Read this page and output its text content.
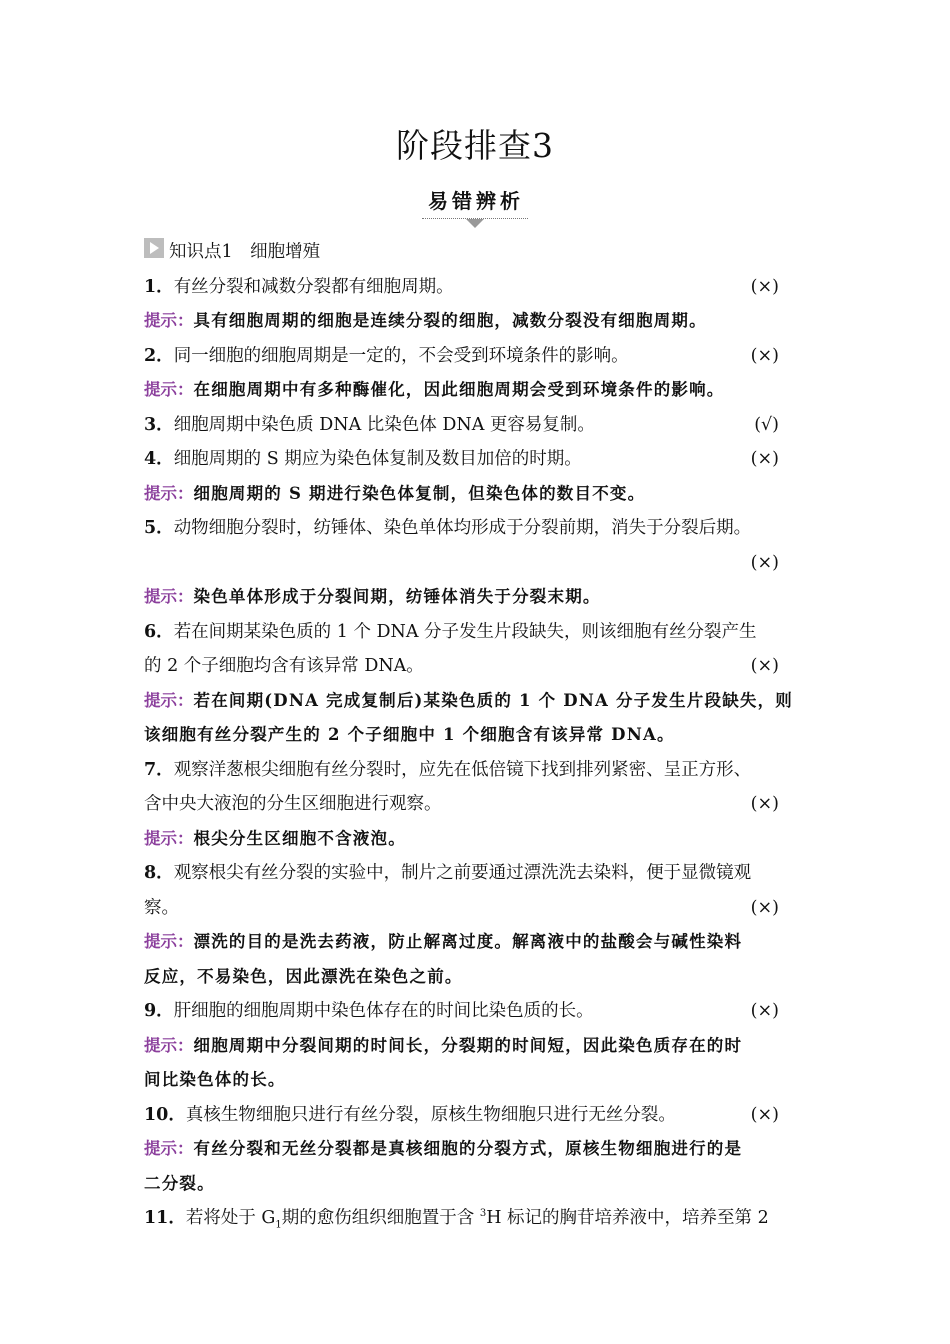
阶段排查3
易错辨析
知识点1　细胞增殖
1．有丝分裂和减数分裂都有细胞周期。	(×)
提示：具有细胞周期的细胞是连续分裂的细胞，减数分裂没有细胞周期。
2．同一细胞的细胞周期是一定的，不会受到环境条件的影响。	(×)
提示：在细胞周期中有多种酶催化，因此细胞周期会受到环境条件的影响。
3．细胞周期中染色质 DNA 比染色体 DNA 更容易复制。	(√)
4．细胞周期的 S 期应为染色体复制及数目加倍的时期。	(×)
提示：细胞周期的 S 期进行染色体复制，但染色体的数目不变。
5．动物细胞分裂时，纺锤体、染色单体均形成于分裂前期，消失于分裂后期。
(×)
提示：染色单体形成于分裂间期，纺锤体消失于分裂末期。
6．若在间期某染色质的 1 个 DNA 分子发生片段缺失，则该细胞有丝分裂产生
的 2 个子细胞均含有该异常 DNA。	(×)
提示：若在间期(DNA 完成复制后)某染色质的 1 个 DNA 分子发生片段缺失，则
该细胞有丝分裂产生的 2 个子细胞中 1 个细胞含有该异常 DNA。
7．观察洋葱根尖细胞有丝分裂时，应先在低倍镜下找到排列紧密、呈正方形、
含中央大液泡的分生区细胞进行观察。	(×)
提示：根尖分生区细胞不含液泡。
8．观察根尖有丝分裂的实验中，制片之前要通过漂洗洗去染料，便于显微镜观
察。	(×)
提示：漂洗的目的是洗去药液，防止解离过度。解离液中的盐酸会与碱性染料
反应，不易染色，因此漂洗在染色之前。
9．肝细胞的细胞周期中染色体存在的时间比染色质的长。	(×)
提示：细胞周期中分裂间期的时间长，分裂期的时间短，因此染色质存在的时
间比染色体的长。
10．真核生物细胞只进行有丝分裂，原核生物细胞只进行无丝分裂。	(×)
提示：有丝分裂和无丝分裂都是真核细胞的分裂方式，原核生物细胞进行的是
二分裂。
11．若将处于 $G_1$期的愈伤组织细胞置于含 $^3$H 标记的胸苷培养液中，培养至第 2
